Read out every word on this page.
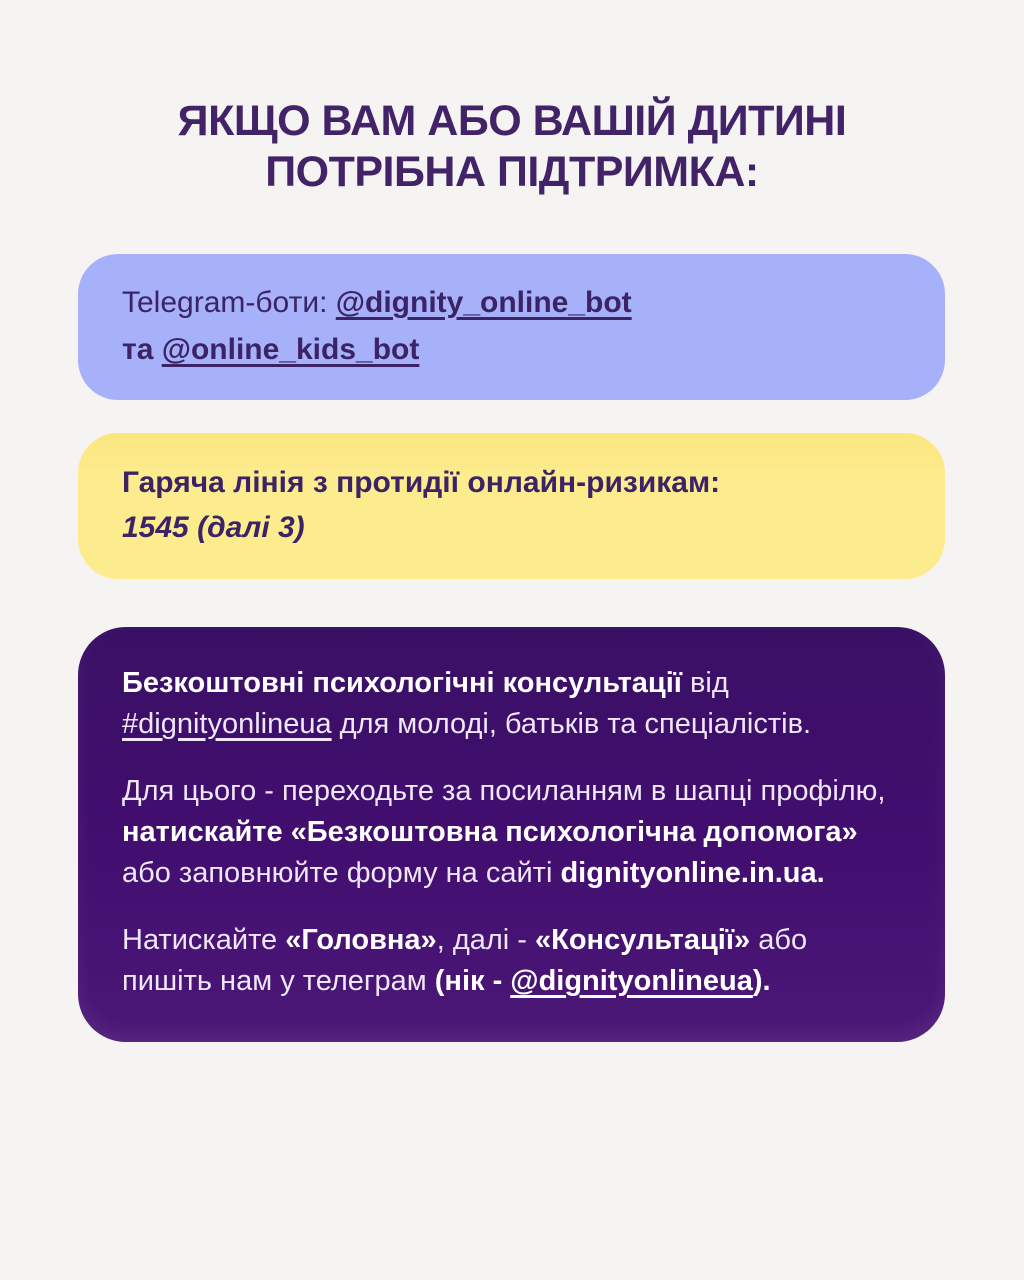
ЯКЩО ВАМ АБО ВАШІЙ ДИТИНІ
ПОТРІБНА ПІДТРИМКА:
Telegram-боти: @dignity_online_bot
та @online_kids_bot
Гаряча лінія з протидії онлайн-ризикам:
1545 (далі 3)

Безкоштовні психологічні консультації від #dignityonlineua для молоді, батьків та спеціалістів.

Для цього - переходьте за посиланням в шапці профілю, натискайте «Безкоштовна психологічна допомога» або заповнюйте форму на сайті dignityonline.in.ua.

Натискайте «Головна», далі - «Консультації» або пишіть нам у телеграм (нік - @dignityonlineua).
